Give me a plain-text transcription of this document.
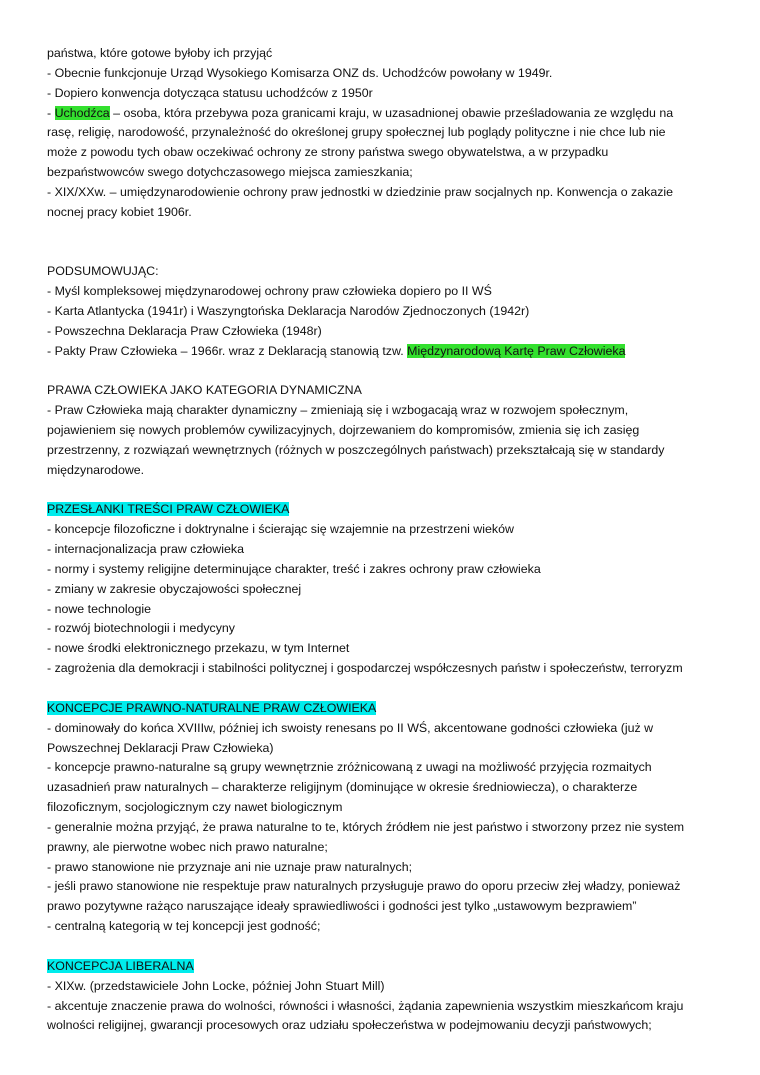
państwa, które gotowe byłoby ich przyjąć
- Obecnie funkcjonuje Urząd Wysokiego Komisarza ONZ ds. Uchodźców powołany w 1949r.
- Dopiero konwencja dotycząca statusu uchodźców z 1950r
- Uchodźca – osoba, która przebywa poza granicami kraju, w uzasadnionej obawie prześladowania ze względu na
rasę, religię, narodowość, przynależność do określonej grupy społecznej lub poglądy polityczne i nie chce lub nie
może z powodu tych obaw oczekiwać ochrony ze strony państwa swego obywatelstwa, a w przypadku
bezpaństwowców swego dotychczasowego miejsca zamieszkania;
- XIX/XXw. – umiędzynarodowienie ochrony praw jednostki w dziedzinie praw socjalnych np. Konwencja o zakazie
nocnej pracy kobiet 1906r.
PODSUMOWUJĄC:
- Myśl kompleksowej międzynarodowej ochrony praw człowieka dopiero po II WŚ
- Karta Atlantycka (1941r) i Waszyngtońska Deklaracja Narodów Zjednoczonych (1942r)
- Powszechna Deklaracja Praw Człowieka (1948r)
- Pakty Praw Człowieka – 1966r. wraz z Deklaracją stanowią tzw. Międzynarodową Kartę Praw Człowieka
PRAWA CZŁOWIEKA JAKO KATEGORIA DYNAMICZNA
- Praw Człowieka mają charakter dynamiczny – zmieniają się i wzbogacają wraz w rozwojem społecznym,
pojawieniem się nowych problemów cywilizacyjnych, dojrzewaniem do kompromisów, zmienia się ich zasięg
przestrzenny, z rozwiązań wewnętrznych (różnych w poszczególnych państwach) przekształcają się w standardy
międzynarodowe.
PRZESŁANKI TREŚCI PRAW CZŁOWIEKA
- koncepcje filozoficzne i doktrynalne i ścierając się wzajemnie na przestrzeni wieków
- internacjonalizacja praw człowieka
- normy i systemy religijne determinujące charakter, treść i zakres ochrony praw człowieka
- zmiany w zakresie obyczajowości społecznej
- nowe technologie
- rozwój biotechnologii i medycyny
- nowe środki elektronicznego przekazu, w tym Internet
- zagrożenia dla demokracji i stabilności politycznej i gospodarczej współczesnych państw i społeczeństw, terroryzm
KONCEPCJE PRAWNO-NATURALNE PRAW CZŁOWIEKA
- dominowały do końca XVIIIw, później ich swoisty renesans po II WŚ, akcentowane godności człowieka (już w
Powszechnej Deklaracji Praw Człowieka)
- koncepcje prawno-naturalne są grupy wewnętrznie zróżnicowaną z uwagi na możliwość przyjęcia rozmaitych
uzasadnień praw naturalnych – charakterze religijnym (dominujące w okresie średniowiecza), o charakterze
filozoficznym, socjologicznym czy nawet biologicznym
- generalnie można przyjąć, że prawa naturalne to te, których źródłem nie jest państwo i stworzony przez nie system
prawny, ale pierwotne wobec nich prawo naturalne;
- prawo stanowione nie przyznaje ani nie uznaje praw naturalnych;
- jeśli prawo stanowione nie respektuje praw naturalnych przysługuje prawo do oporu przeciw złej władzy, ponieważ
prawo pozytywne rażąco naruszające ideały sprawiedliwości i godności jest tylko „ustawowym bezprawiem”
- centralną kategorią w tej koncepcji jest godność;
KONCEPCJA LIBERALNA
- XIXw. (przedstawiciele John Locke, później John Stuart Mill)
- akcentuje znaczenie prawa do wolności, równości i własności, żądania zapewnienia wszystkim mieszkańcom kraju
wolności religijnej, gwarancji procesowych oraz udziału społeczeństwa w podejmowaniu decyzji państwowych;
